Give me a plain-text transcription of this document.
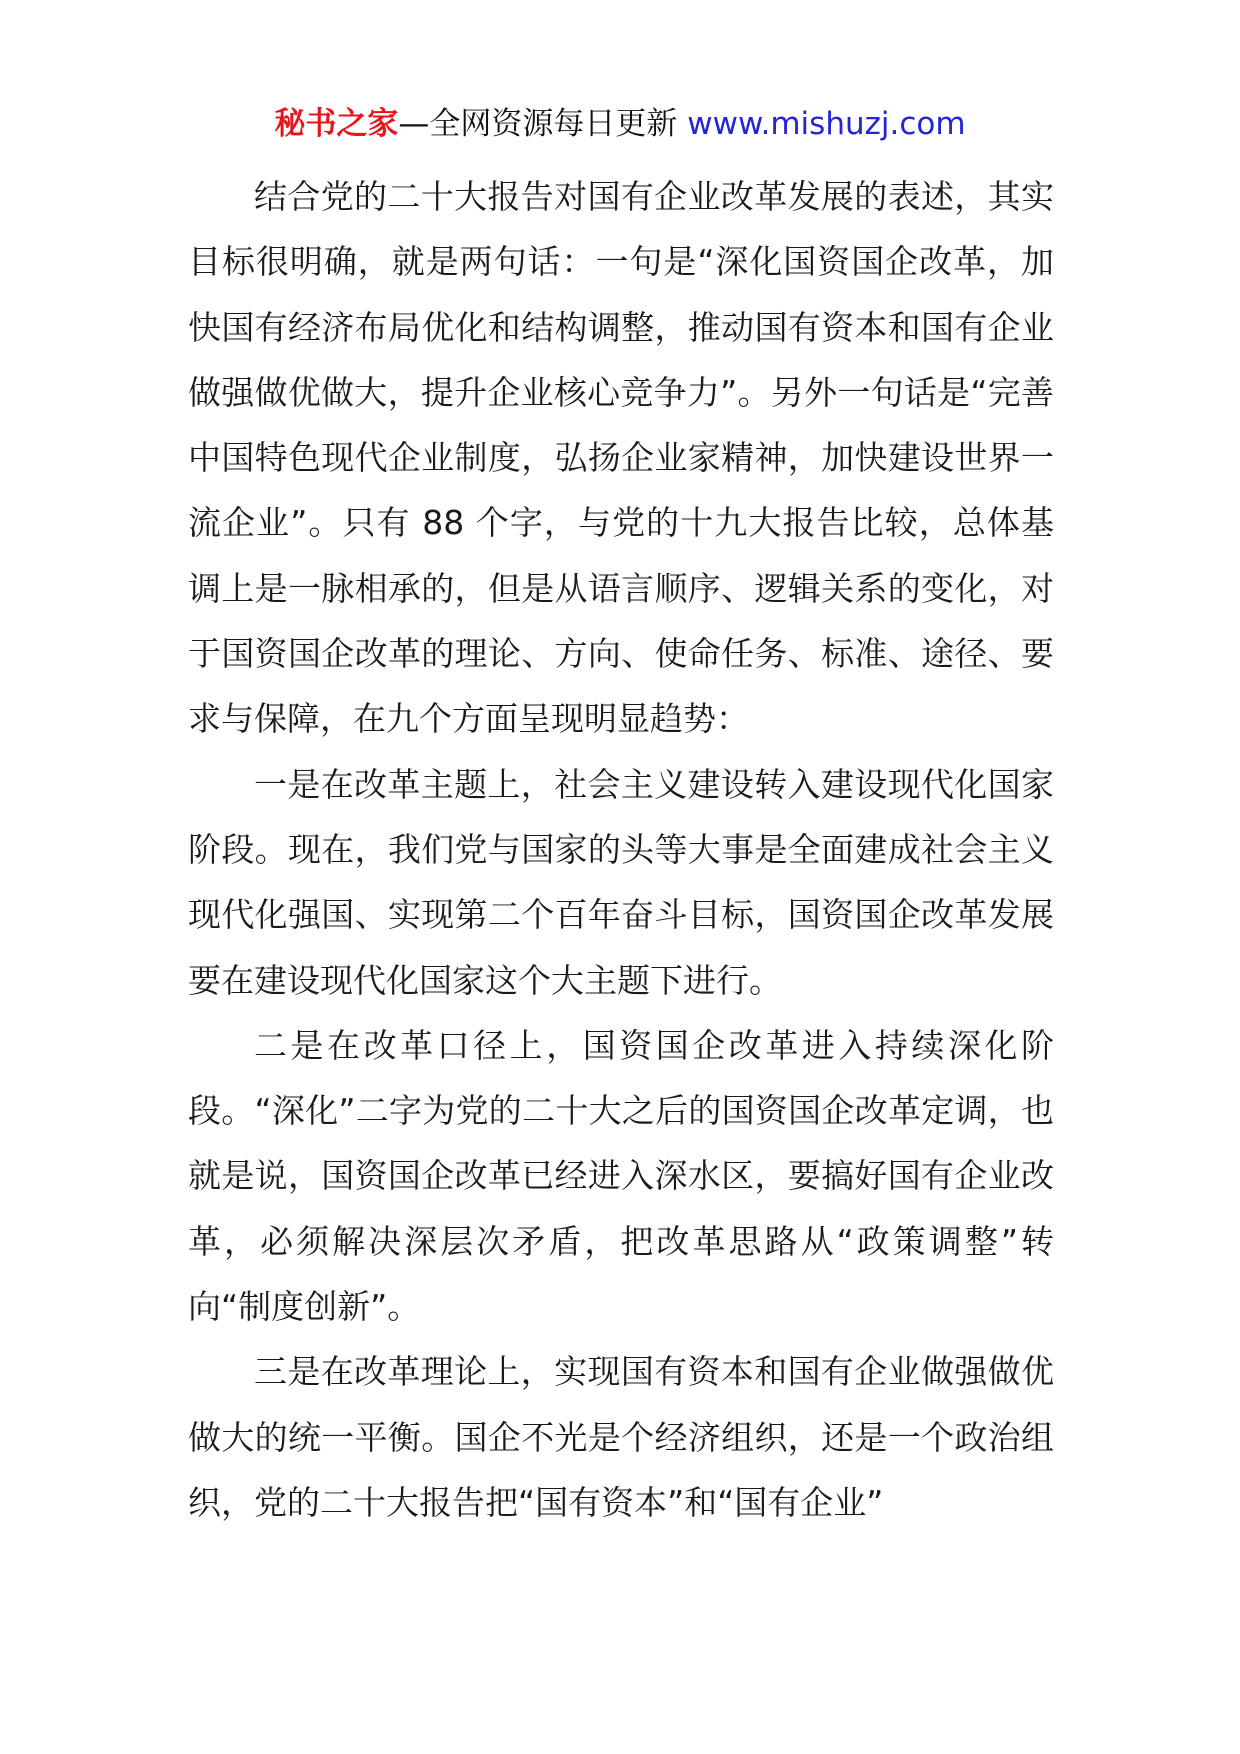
秘书之家—全网资源每日更新 www.mishuzj.com

结合党的二十大报告对国有企业改革发展的表述，其实目标很明确，就是两句话：一句是“深化国资国企改革，加快国有经济布局优化和结构调整，推动国有资本和国有企业做强做优做大，提升企业核心竞争力”。另外一句话是“完善中国特色现代企业制度，弘扬企业家精神，加快建设世界一流企业”。只有 88 个字，与党的十九大报告比较，总体基调上是一脉相承的，但是从语言顺序、逻辑关系的变化，对于国资国企改革的理论、方向、使命任务、标准、途径、要求与保障，在九个方面呈现明显趋势：

一是在改革主题上，社会主义建设转入建设现代化国家阶段。现在，我们党与国家的头等大事是全面建成社会主义现代化强国、实现第二个百年奋斗目标，国资国企改革发展要在建设现代化国家这个大主题下进行。

二是在改革口径上，国资国企改革进入持续深化阶段。“深化”二字为党的二十大之后的国资国企改革定调，也就是说，国资国企改革已经进入深水区，要搞好国有企业改革，必须解决深层次矛盾，把改革思路从“政策调整”转向“制度创新”。

三是在改革理论上，实现国有资本和国有企业做强做优做大的统一平衡。国企不光是个经济组织，还是一个政治组织，党的二十大报告把“国有资本”和“国有企业”
